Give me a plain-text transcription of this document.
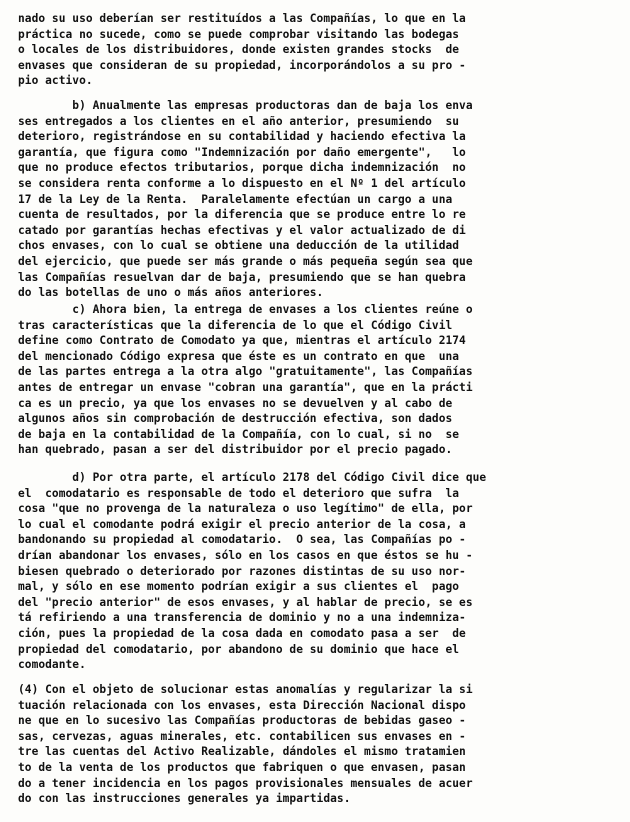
nado su uso deberían ser restituídos a las Compañías, lo que en la
práctica no sucede, como se puede comprobar visitando las bodegas
o locales de los distribuidores, donde existen grandes stocks  de
envases que consideran de su propiedad, incorporándolos a su pro -
pio activo.
b) Anualmente las empresas productoras dan de baja los enva
ses entregados a los clientes en el año anterior, presumiendo  su
deterioro, registrándose en su contabilidad y haciendo efectiva la
garantía, que figura como "Indemnización por daño emergente",   lo
que no produce efectos tributarios, porque dicha indemnización  no
se considera renta conforme a lo dispuesto en el Nº 1 del artículo
17 de la Ley de la Renta.  Paralelamente efectúan un cargo a una
cuenta de resultados, por la diferencia que se produce entre lo re
catado por garantías hechas efectivas y el valor actualizado de di
chos envases, con lo cual se obtiene una deducción de la utilidad
del ejercicio, que puede ser más grande o más pequeña según sea que
las Compañías resuelvan dar de baja, presumiendo que se han quebra
do las botellas de uno o más años anteriores.
c) Ahora bien, la entrega de envases a los clientes reúne o
tras características que la diferencia de lo que el Código Civil
define como Contrato de Comodato ya que, mientras el artículo 2174
del mencionado Código expresa que éste es un contrato en que  una
de las partes entrega a la otra algo "gratuitamente", las Compañías
antes de entregar un envase "cobran una garantía", que en la prácti
ca es un precio, ya que los envases no se devuelven y al cabo de
algunos años sin comprobación de destrucción efectiva, son dados
de baja en la contabilidad de la Compañía, con lo cual, si no  se
han quebrado, pasan a ser del distribuidor por el precio pagado.
d) Por otra parte, el artículo 2178 del Código Civil dice que
el  comodatario es responsable de todo el deterioro que sufra  la
cosa "que no provenga de la naturaleza o uso legítimo" de ella, por
lo cual el comodante podrá exigir el precio anterior de la cosa, a
bandonando su propiedad al comodatario.  O sea, las Compañías po -
drían abandonar los envases, sólo en los casos en que éstos se hu -
biesen quebrado o deteriorado por razones distintas de su uso nor-
mal, y sólo en ese momento podrían exigir a sus clientes el  pago
del "precio anterior" de esos envases, y al hablar de precio, se es
tá refiriendo a una transferencia de dominio y no a una indemniza-
ción, pues la propiedad de la cosa dada en comodato pasa a ser  de
propiedad del comodatario, por abandono de su dominio que hace el
comodante.
(4) Con el objeto de solucionar estas anomalías y regularizar la si
tuación relacionada con los envases, esta Dirección Nacional dispo
ne que en lo sucesivo las Compañías productoras de bebidas gaseo -
sas, cervezas, aguas minerales, etc. contabilicen sus envases en -
tre las cuentas del Activo Realizable, dándoles el mismo tratamien
to de la venta de los productos que fabriquen o que envasen, pasan
do a tener incidencia en los pagos provisionales mensuales de acuer
do con las instrucciones generales ya impartidas.
